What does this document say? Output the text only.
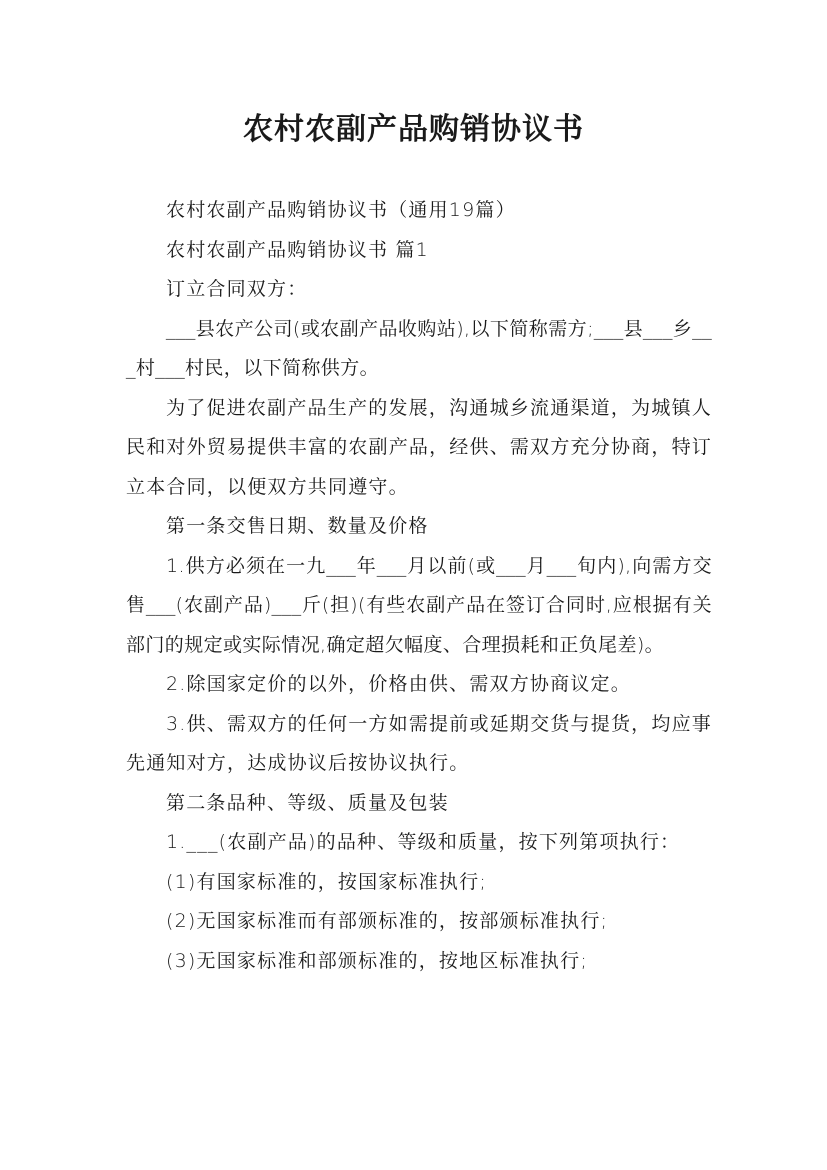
农村农副产品购销协议书

农村农副产品购销协议书（通用19篇）

农村农副产品购销协议书 篇1

订立合同双方：

___县农产公司(或农副产品收购站),以下简称需方;___县___乡___村___村民，以下简称供方。

为了促进农副产品生产的发展，沟通城乡流通渠道，为城镇人民和对外贸易提供丰富的农副产品，经供、需双方充分协商，特订立本合同，以便双方共同遵守。

第一条交售日期、数量及价格

1.供方必须在一九___年___月以前(或___月___旬内),向需方交售___(农副产品)___斤(担)(有些农副产品在签订合同时,应根据有关部门的规定或实际情况,确定超欠幅度、合理损耗和正负尾差)。

2.除国家定价的以外，价格由供、需双方协商议定。

3.供、需双方的任何一方如需提前或延期交货与提货，均应事先通知对方，达成协议后按协议执行。

第二条品种、等级、质量及包装

1.___(农副产品)的品种、等级和质量，按下列第项执行：

(1)有国家标准的，按国家标准执行;

(2)无国家标准而有部颁标准的，按部颁标准执行;

(3)无国家标准和部颁标准的，按地区标准执行;
